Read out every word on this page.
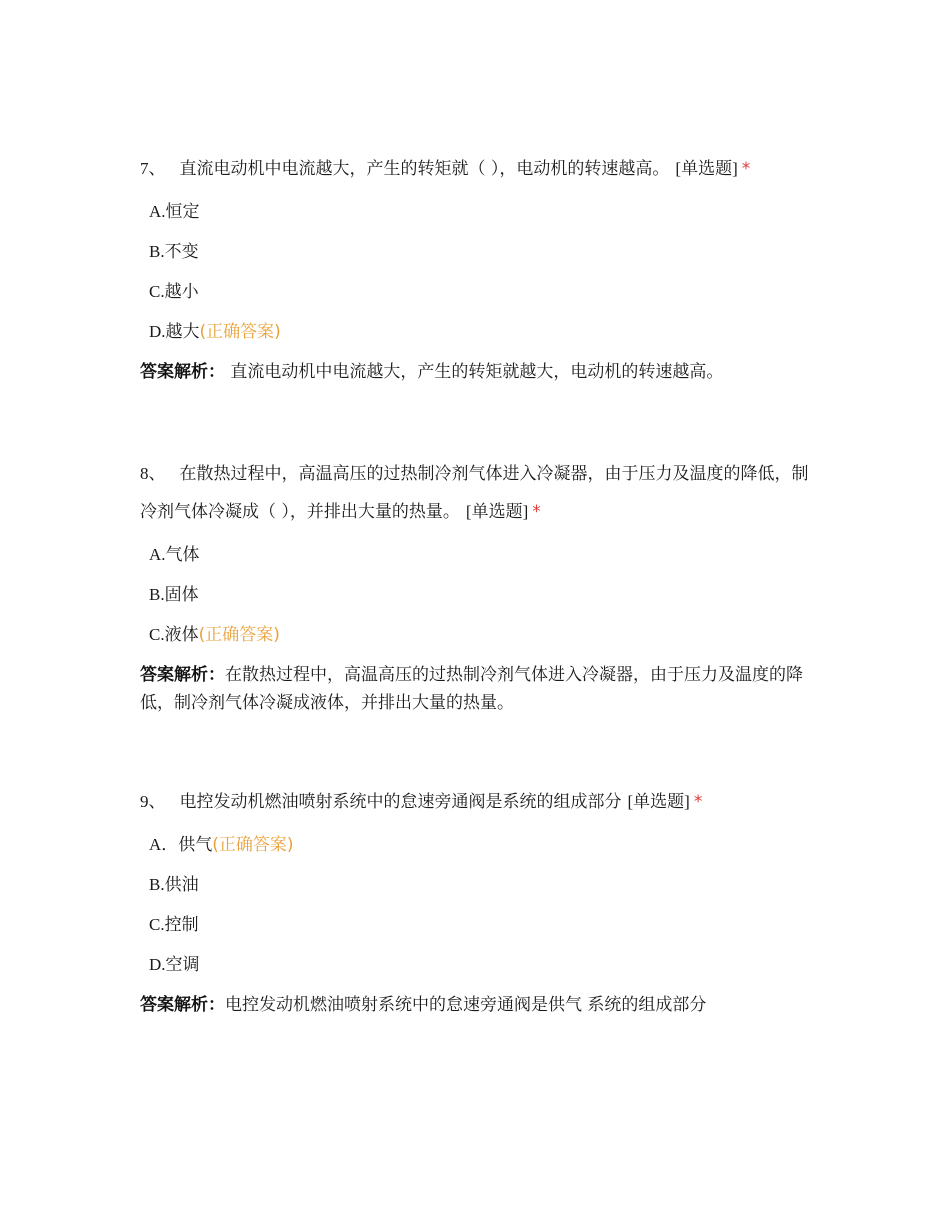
7、 直流电动机中电流越大，产生的转矩就（ ），电动机的转速越高。 [单选题] *

A.恒定
B.不变
C.越小
D.越大(正确答案)
答案解析： 直流电动机中电流越大，产生的转矩就越大，电动机的转速越高。

8、 在散热过程中，高温高压的过热制冷剂气体进入冷凝器，由于压力及温度的降低，制冷剂气体冷凝成（ ），并排出大量的热量。 [单选题] *

A.气体
B.固体
C.液体(正确答案)
答案解析：在散热过程中，高温高压的过热制冷剂气体进入冷凝器，由于压力及温度的降低，制冷剂气体冷凝成液体，并排出大量的热量。

9、 电控发动机燃油喷射系统中的怠速旁通阀是系统的组成部分 [单选题] *

A．供气(正确答案)
B.供油
C.控制
D.空调
答案解析：电控发动机燃油喷射系统中的怠速旁通阀是供气 系统的组成部分
